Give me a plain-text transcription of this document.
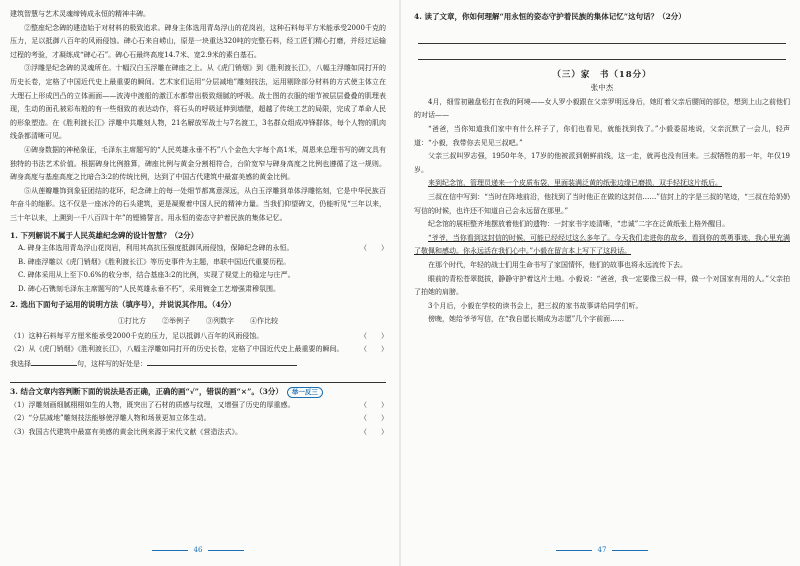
建筑智慧与艺术灵魂缔铸成永恒的精神丰碑。

②整座纪念碑的建造始于对材料的极致追求。碑身主体选用青岛浮山的花岗岩，这种石料每平方米能承受2000千克的压力，足以抵御八百年的风雨侵蚀。碑心石来自崂山，原是一块重达320吨的完整石料，经工匠们精心打磨，并经过运输过程的考验，才凝练成“碑心石”。碑心石最终高度14.7米、宽2.9米的素白基石。

③浮雕是纪念碑的灵魂所在。十幅汉白玉浮雕在碑座之上。从《虎门销烟》到《胜利渡长江》，八幅主浮雕如同打开的历史长卷，定格了中国近代史上最重要的瞬间。艺术家们运用“分层减地”雕刻技法，运用剔除部分材料的方式使主体立在大理石上形成凹凸的立体画面——波涛中渡船的激江水都带出极致细腻的呼吸。战士图的衣服的细节被层层叠叠的肌理表现，生动的面孔被彩布般的有一些细致的表达动作，将石头的呼吸延伸到墙壁，超越了传统工艺的局限，完成了革命人民的形象塑造。在《胜利渡长江》浮雕中共雕刻人物，21名解放军战士与7名渡工，3名群众组成冲锋群体，每个人物的肌肉线条都清晰可见。

④碑身数据的神秘象征，毛泽东主席题写的“人民英雄永垂不朽”八个金色大字每个高1米，周恩来总理书写的碑文具有独特的书法艺术价值。根据碑身比例推算，碑座比例与黄金分割相符合，台阶宽窄与碑身高度之比例也遵循了这一规则。碑身高度与基座高度之比暗合3:2的传统比例，达到了中国古代建筑中最富美感的黄金比例。

⑤从莲瓣雕饰到象征团结的花环，纪念碑上的每一处细节都寓意深远，从白玉浮雕到单体浮雕铭刻，它是中华民族百年奋斗的缩影。这不仅是一座冰冷的石头建筑，更是凝聚着中国人民的精神力量。当我们仰望碑文，仍能听见“三年以来，三十年以来，上溯到一千八百四十年”的铿锵誓言。用永恒的姿态守护着民族的集体记忆。

1. 下列解说不属于人民英雄纪念碑的设计智慧？（2分）

A. 碑身主体选用青岛浮山花岗岩，利用其高抗压强度抵御风雨侵蚀，保障纪念碑的永恒。	（　　）
B. 碑座浮雕以《虎门销烟》《胜利渡长江》等历史事件为主题，串联中国近代重要历程。
C. 碑体采用从上至下0.6%的收分率，结合基座3:2的比例，实现了视觉上的稳定与庄严。
D. 碑心石镌刻毛泽东主席题写的“人民英雄永垂不朽”，采用镀金工艺增强肃穆氛围。

2. 选出下面句子运用的说明方法（填序号），并说说其作用。（4分）

①打比方 ②举例子 ③列数字 ④作比较
（1）这种石料每平方厘米能承受2000千克的压力，足以抵御八百年的风雨侵蚀。	（　　）
（2）从《虎门销烟》《胜利渡长江》，八幅主浮雕如同打开的历史长卷，定格了中国近代史上最重要的瞬间。 （　　）

我选择	句，这样写的好处是：

3. 结合文章内容判断下面的说法是否正确，正确的画“√”，错误的画“×”。（3分） 举一反三

（1）浮雕刻画细腻栩栩如生的人物，既突出了石材的质感与纹理，又增强了历史的厚重感。	（　　）
（2）“分层减地”雕刻技法能够使浮雕人物和场景更加立体生动。	（　　）
（3）我国古代建筑中最富有美感的黄金比例来源于宋代文献《营造法式》。	（　　）
46

4. 读了文章，你如何理解“用永恒的姿态守护着民族的集体记忆”这句话？（2分）

（三）家　书（18分）
张中杰

4月，细雪初融盘松打在我的阿境——女人罗小毅跟在父亲罗明远身后，她盯着父亲后腰间的部位，想到上山之前他们的对话——

“爸爸，当你知道我们家中有什么样子了，你们也看见，就能找到我了。”小毅委屈地说，父亲沉默了一会儿，轻声道：“小毅，我带你去见见三叔吧。”

父亲三叔叫罗志强，1950年冬，17岁的他被派到朝鲜前线，这一走，就再也没有回来。三叔牺牲的那一年，年仅19岁。

来到纪念馆，管理员递来一个皮质布袋，里面装满泛黄的纸张边缘已磨损，双手轻抚这片纸后。

三叔在信中写到：“当时在阵地前沿，他找到了当时他正在做的这封信……”信封上的字是三叔的笔迹，“三叔在给奶奶写信的时候，也许还不知道自己会永远留在那里。”

纪念馆的展柜整齐地摆放着他们的遗物：一封家书字迹清晰，“忠诚”二字在泛黄纸张上格外醒目。

“爷爷，当你看到这封信的时候，可能已经经过这么多年了。今天我们走进你的故乡，看到你的英勇事迹，我心里充满了敬佩和感动。你永远活在我们心中。”小毅在留言本上写下了这段话。

在那个时代，年轻的战士们用生命书写了家国情怀，他们的故事也将永远流传下去。

眼前的青松苍翠挺拔，静静守护着这片土地。小毅说：“爸爸，我一定要像三叔一样，做一个对国家有用的人。”父亲拍了拍她的肩膀。

3个月后，小毅在学校的读书会上，把三叔的家书故事讲给同学们听。

傍晚，她给爷爷写信，在“我自愿长期成为志愿”几个字前面……

47
